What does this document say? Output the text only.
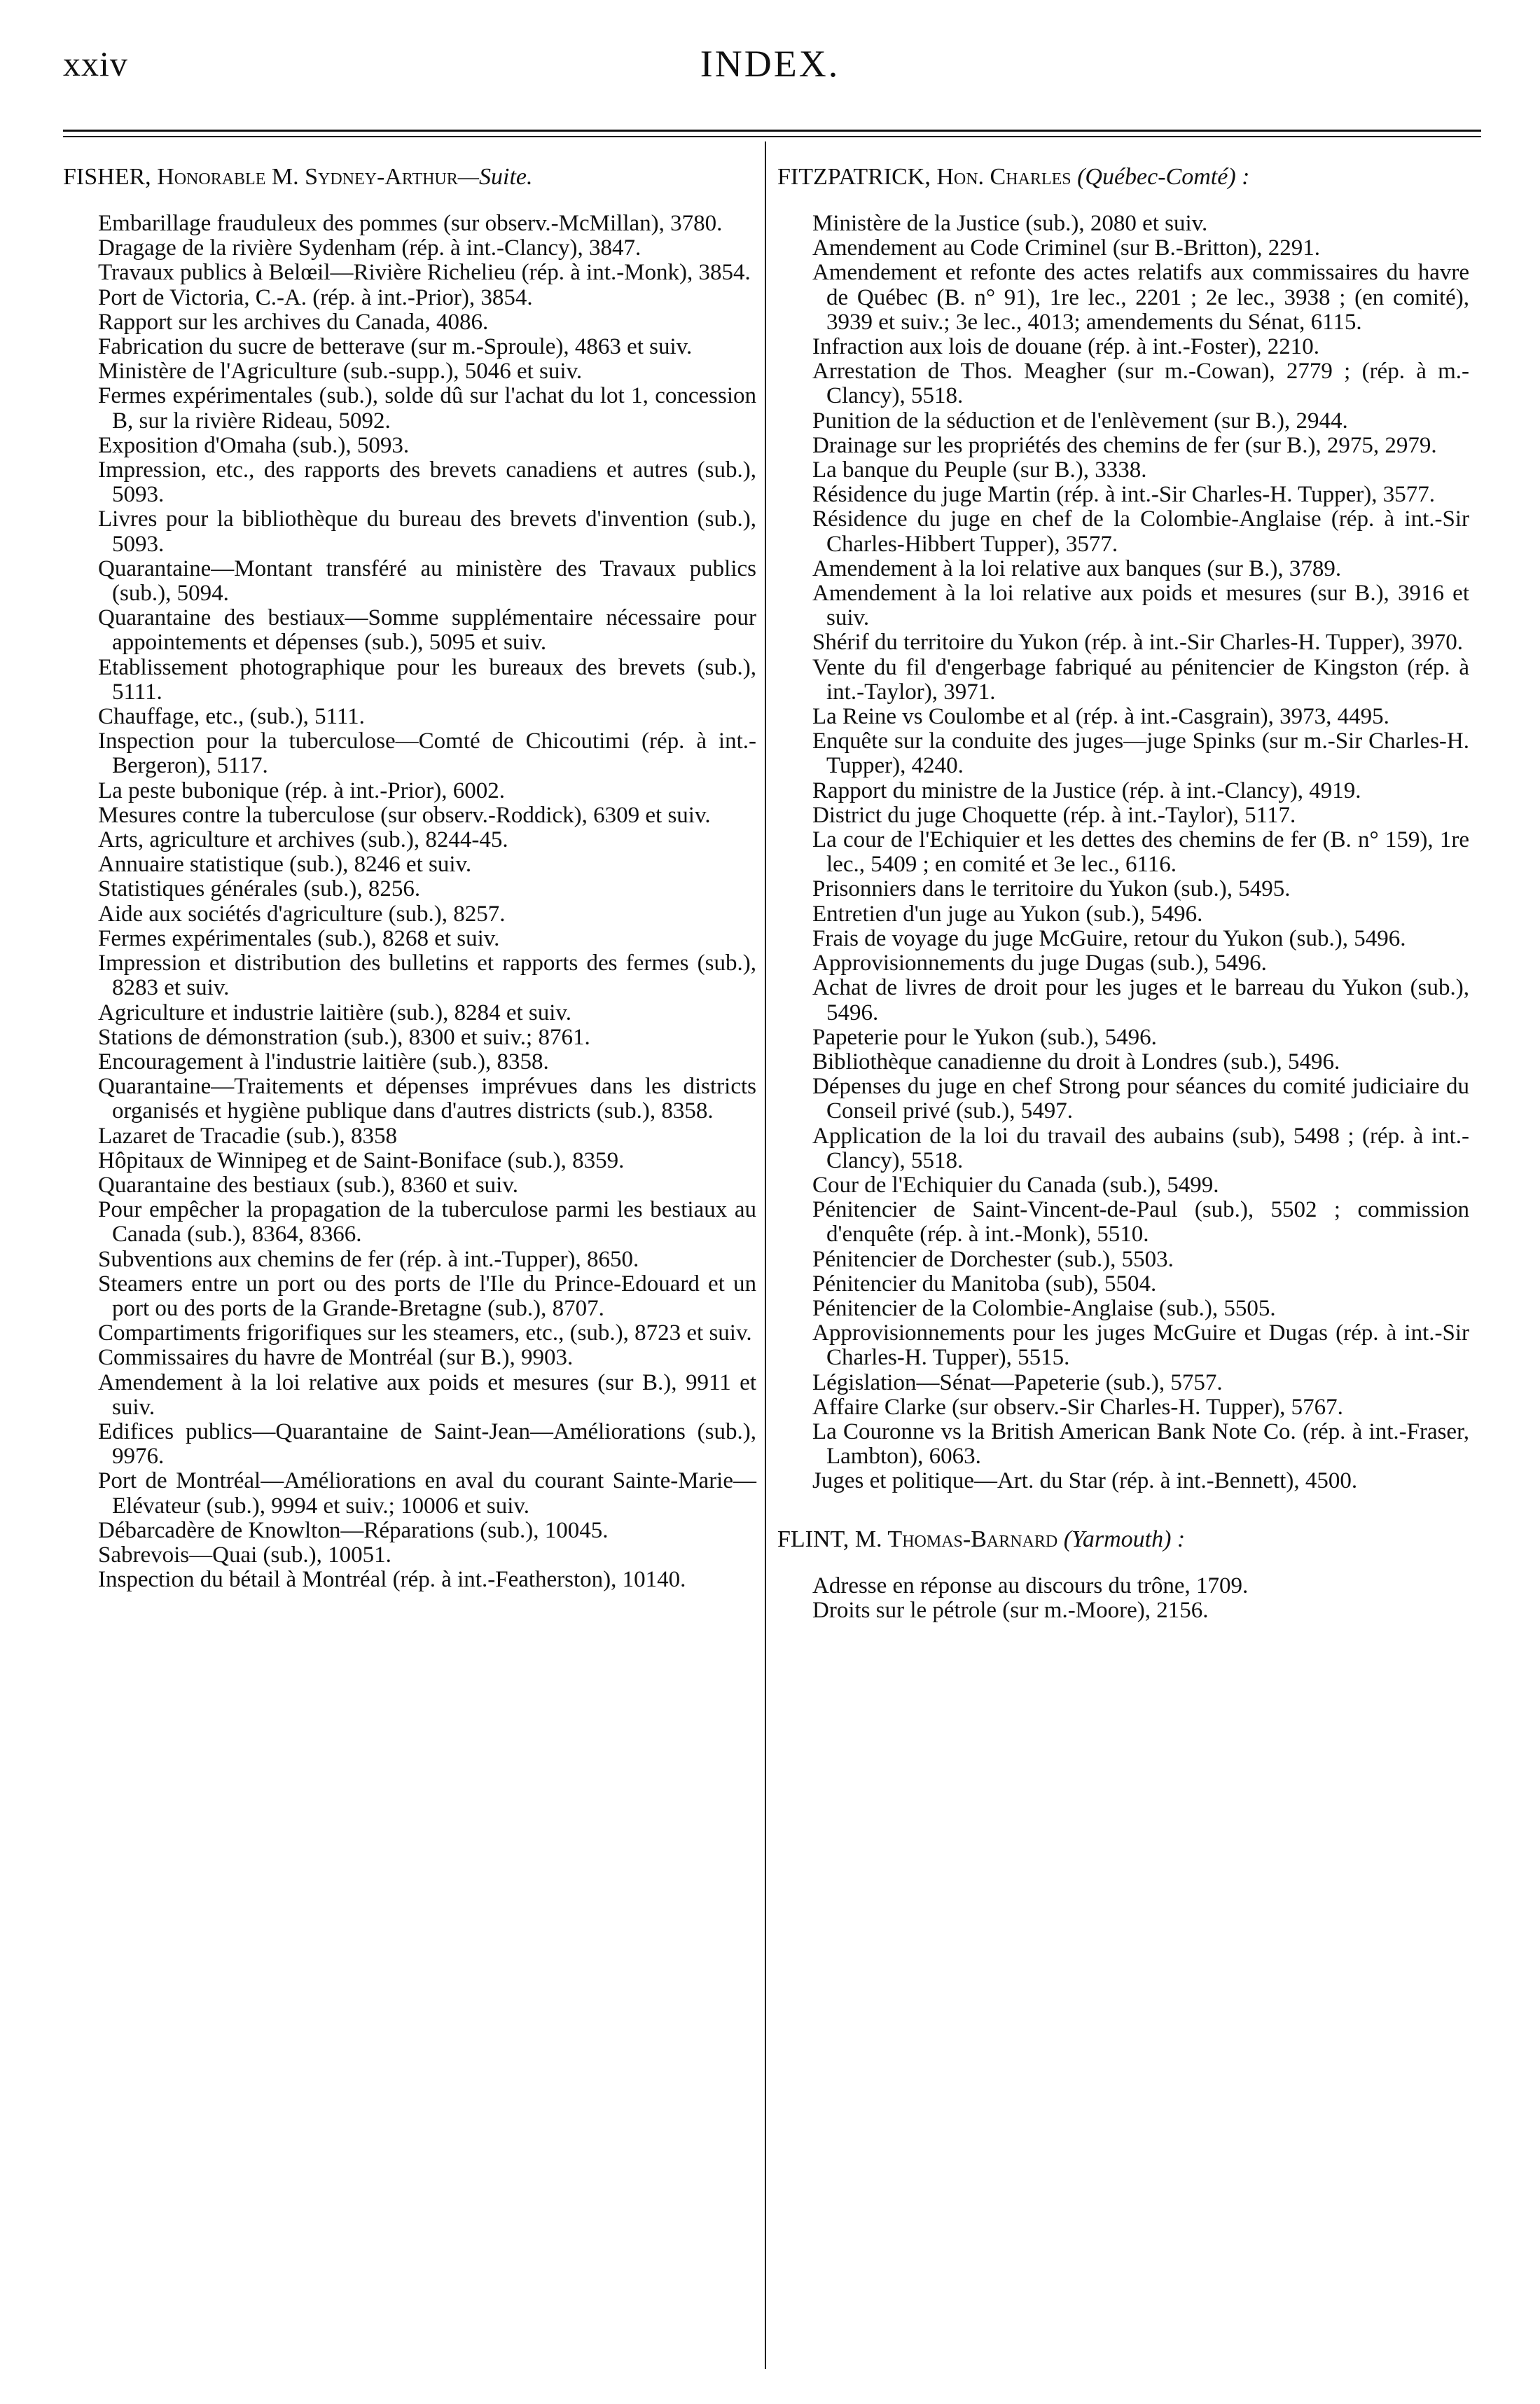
xxiv	INDEX.
FISHER, Honorable M. Sydney-Arthur—Suite.
Embarillage frauduleux des pommes (sur observ.-McMillan), 3780.
Dragage de la rivière Sydenham (rép. à int.-Clancy), 3847.
Travaux publics à Belœil—Rivière Richelieu (rép. à int.-Monk), 3854.
Port de Victoria, C.-A. (rép. à int.-Prior), 3854.
Rapport sur les archives du Canada, 4086.
Fabrication du sucre de betterave (sur m.-Sproule), 4863 et suiv.
Ministère de l'Agriculture (sub.-supp.), 5046 et suiv.
Fermes expérimentales (sub.), solde dû sur l'achat du lot 1, concession B, sur la rivière Rideau, 5092.
Exposition d'Omaha (sub.), 5093.
Impression, etc., des rapports des brevets canadiens et autres (sub.), 5093.
Livres pour la bibliothèque du bureau des brevets d'invention (sub.), 5093.
Quarantaine—Montant transféré au ministère des Travaux publics (sub.), 5094.
Quarantaine des bestiaux—Somme supplémentaire nécessaire pour appointements et dépenses (sub.), 5095 et suiv.
Etablissement photographique pour les bureaux des brevets (sub.), 5111.
Chauffage, etc., (sub.), 5111.
Inspection pour la tuberculose—Comté de Chicoutimi (rép. à int.-Bergeron), 5117.
La peste bubonique (rép. à int.-Prior), 6002.
Mesures contre la tuberculose (sur observ.-Roddick), 6309 et suiv.
Arts, agriculture et archives (sub.), 8244-45.
Annuaire statistique (sub.), 8246 et suiv.
Statistiques générales (sub.), 8256.
Aide aux sociétés d'agriculture (sub.), 8257.
Fermes expérimentales (sub.), 8268 et suiv.
Impression et distribution des bulletins et rapports des fermes (sub.), 8283 et suiv.
Agriculture et industrie laitière (sub.), 8284 et suiv.
Stations de démonstration (sub.), 8300 et suiv.; 8761.
Encouragement à l'industrie laitière (sub.), 8358.
Quarantaine—Traitements et dépenses imprévues dans les districts organisés et hygiène publique dans d'autres districts (sub.), 8358.
Lazaret de Tracadie (sub.), 8358
Hôpitaux de Winnipeg et de Saint-Boniface (sub.), 8359.
Quarantaine des bestiaux (sub.), 8360 et suiv.
Pour empêcher la propagation de la tuberculose parmi les bestiaux au Canada (sub.), 8364, 8366.
Subventions aux chemins de fer (rép. à int.-Tupper), 8650.
Steamers entre un port ou des ports de l'Ile du Prince-Edouard et un port ou des ports de la Grande-Bretagne (sub.), 8707.
Compartiments frigorifiques sur les steamers, etc., (sub.), 8723 et suiv.
Commissaires du havre de Montréal (sur B.), 9903.
Amendement à la loi relative aux poids et mesures (sur B.), 9911 et suiv.
Edifices publics—Quarantaine de Saint-Jean—Améliorations (sub.), 9976.
Port de Montréal—Améliorations en aval du courant Sainte-Marie—Elévateur (sub.), 9994 et suiv.; 10006 et suiv.
Débarcadère de Knowlton—Réparations (sub.), 10045.
Sabrevois—Quai (sub.), 10051.
Inspection du bétail à Montréal (rép. à int.-Featherston), 10140.
FITZPATRICK, Hon. Charles (Québec-Comté) :
Ministère de la Justice (sub.), 2080 et suiv.
Amendement au Code Criminel (sur B.-Britton), 2291.
Amendement et refonte des actes relatifs aux commissaires du havre de Québec (B. n° 91), 1re lec., 2201 ; 2e lec., 3938 ; (en comité), 3939 et suiv.; 3e lec., 4013; amendements du Sénat, 6115.
Infraction aux lois de douane (rép. à int.-Foster), 2210.
Arrestation de Thos. Meagher (sur m.-Cowan), 2779 ; (rép. à m.-Clancy), 5518.
Punition de la séduction et de l'enlèvement (sur B.), 2944.
Drainage sur les propriétés des chemins de fer (sur B.), 2975, 2979.
La banque du Peuple (sur B.), 3338.
Résidence du juge Martin (rép. à int.-Sir Charles-H. Tupper), 3577.
Résidence du juge en chef de la Colombie-Anglaise (rép. à int.-Sir Charles-Hibbert Tupper), 3577.
Amendement à la loi relative aux banques (sur B.), 3789.
Amendement à la loi relative aux poids et mesures (sur B.), 3916 et suiv.
Shérif du territoire du Yukon (rép. à int.-Sir Charles-H. Tupper), 3970.
Vente du fil d'engerbage fabriqué au pénitencier de Kingston (rép. à int.-Taylor), 3971.
La Reine vs Coulombe et al (rép. à int.-Casgrain), 3973, 4495.
Enquête sur la conduite des juges—juge Spinks (sur m.-Sir Charles-H. Tupper), 4240.
Rapport du ministre de la Justice (rép. à int.-Clancy), 4919.
District du juge Choquette (rép. à int.-Taylor), 5117.
La cour de l'Echiquier et les dettes des chemins de fer (B. n° 159), 1re lec., 5409 ; en comité et 3e lec., 6116.
Prisonniers dans le territoire du Yukon (sub.), 5495.
Entretien d'un juge au Yukon (sub.), 5496.
Frais de voyage du juge McGuire, retour du Yukon (sub.), 5496.
Approvisionnements du juge Dugas (sub.), 5496.
Achat de livres de droit pour les juges et le barreau du Yukon (sub.), 5496.
Papeterie pour le Yukon (sub.), 5496.
Bibliothèque canadienne du droit à Londres (sub.), 5496.
Dépenses du juge en chef Strong pour séances du comité judiciaire du Conseil privé (sub.), 5497.
Application de la loi du travail des aubains (sub), 5498 ; (rép. à int.-Clancy), 5518.
Cour de l'Echiquier du Canada (sub.), 5499.
Pénitencier de Saint-Vincent-de-Paul (sub.), 5502 ; commission d'enquête (rép. à int.-Monk), 5510.
Pénitencier de Dorchester (sub.), 5503.
Pénitencier du Manitoba (sub), 5504.
Pénitencier de la Colombie-Anglaise (sub.), 5505.
Approvisionnements pour les juges McGuire et Dugas (rép. à int.-Sir Charles-H. Tupper), 5515.
Législation—Sénat—Papeterie (sub.), 5757.
Affaire Clarke (sur observ.-Sir Charles-H. Tupper), 5767.
La Couronne vs la British American Bank Note Co. (rép. à int.-Fraser, Lambton), 6063.
Juges et politique—Art. du Star (rép. à int.-Bennett), 4500.
FLINT, M. Thomas-Barnard (Yarmouth) :
Adresse en réponse au discours du trône, 1709.
Droits sur le pétrole (sur m.-Moore), 2156.
